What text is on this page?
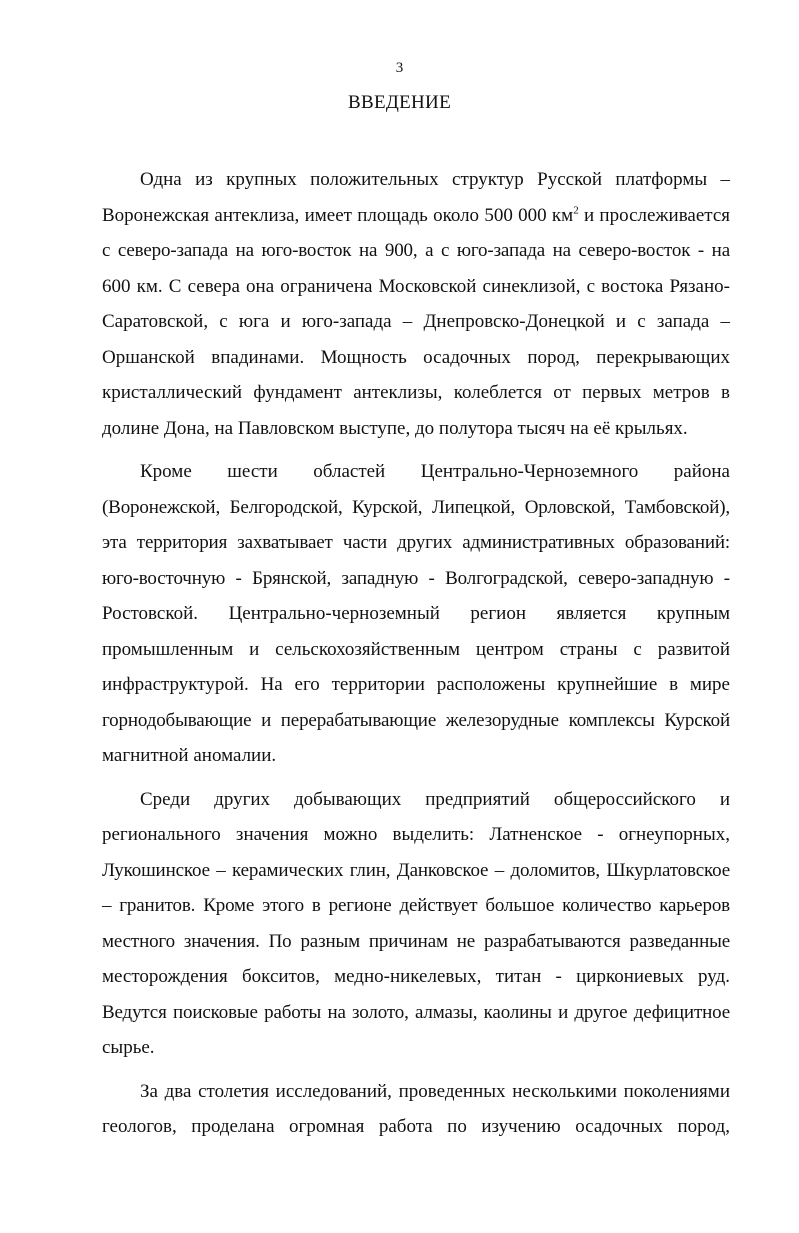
3
ВВЕДЕНИЕ

Одна из крупных положительных структур Русской платформы –
Воронежская антеклиза, имеет площадь около 500 000 $км^2$ и прослеживается
с северо-запада на юго-восток на 900, а с юго-запада на северо-восток - на
600 км. С севера она ограничена Московской синеклизой, с востока Рязано-
Саратовской, с юга и юго-запада – Днепровско-Донецкой и с запада –
Оршанской впадинами. Мощность осадочных пород, перекрывающих
кристаллический фундамент антеклизы, колеблется от первых метров в
долине Дона, на Павловском выступе, до полутора тысяч на её крыльях.

Кроме шести областей Центрально-Черноземного района
(Воронежской, Белгородской, Курской, Липецкой, Орловской, Тамбовской),
эта территория захватывает части других административных образований:
юго-восточную - Брянской, западную - Волгоградской, северо-западную -
Ростовской. Центрально-черноземный регион является крупным
промышленным и сельскохозяйственным центром страны с развитой
инфраструктурой. На его территории расположены крупнейшие в мире
горнодобывающие и перерабатывающие железорудные комплексы Курской
магнитной аномалии.

Среди других добывающих предприятий общероссийского и
регионального значения можно выделить: Латненское - огнеупорных,
Лукошинское – керамических глин, Данковское – доломитов, Шкурлатовское
– гранитов. Кроме этого в регионе действует большое количество карьеров
местного значения. По разным причинам не разрабатываются разведанные
месторождения бокситов, медно-никелевых, титан - циркониевых руд.
Ведутся поисковые работы на золото, алмазы, каолины и другое дефицитное
сырье.

За два столетия исследований, проведенных несколькими поколениями
геологов, проделана огромная работа по изучению осадочных пород,
